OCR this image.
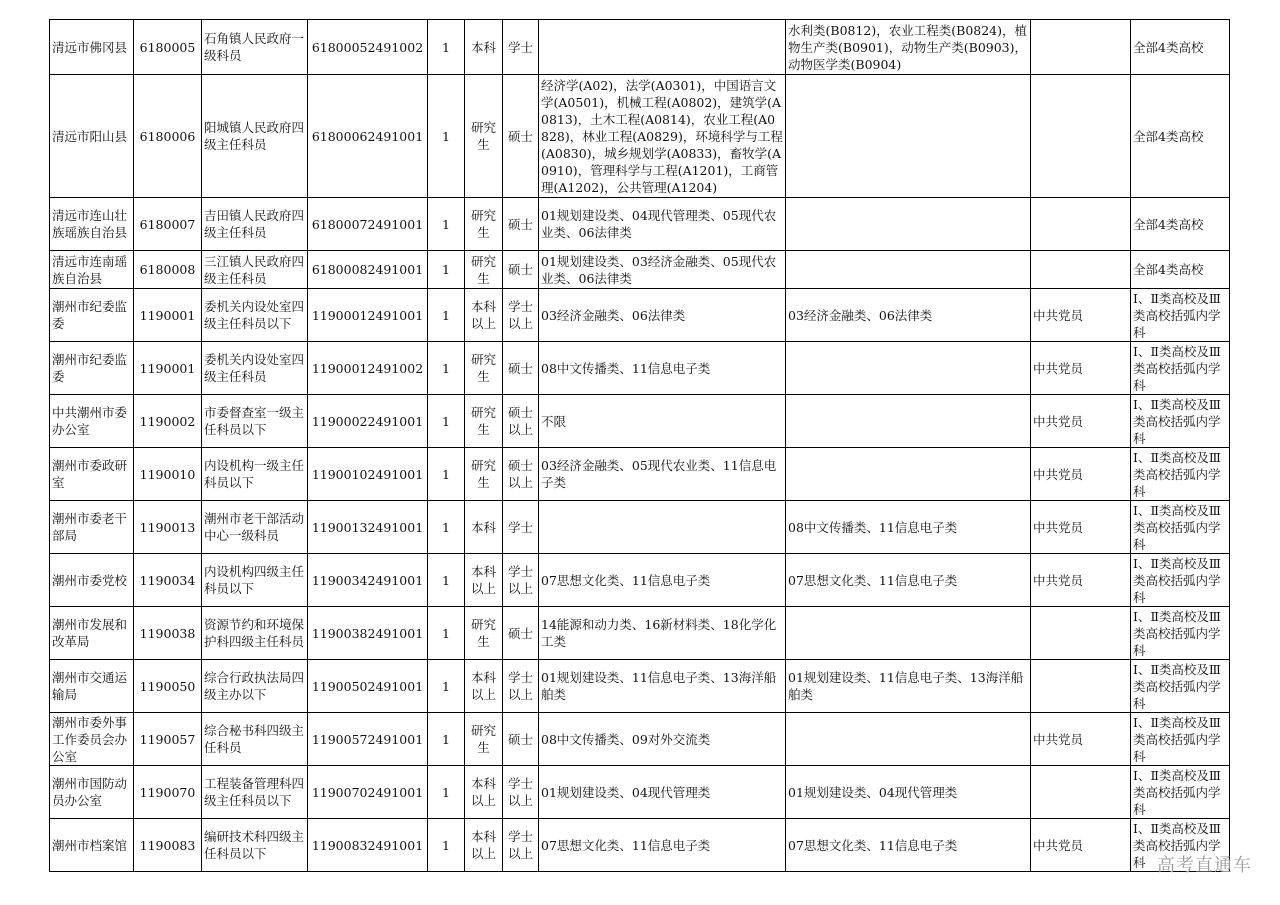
清远市佛冈县	6180005	石角镇人民政府一级科员	61800052491002	1	本科	学士		水利类(B0812)，农业工程类(B0824)，植物生产类(B0901)，动物生产类(B0903)，动物医学类(B0904)		全部4类高校
清远市阳山县	6180006	阳城镇人民政府四级主任科员	61800062491001	1	研究生	硕士	经济学(A02)，法学(A0301)，中国语言文学(A0501)，机械工程(A0802)，建筑学(A0813)，土木工程(A0814)，农业工程(A0828)，林业工程(A0829)，环境科学与工程(A0830)，城乡规划学(A0833)，畜牧学(A0910)，管理科学与工程(A1201)，工商管理(A1202)，公共管理(A1204)			全部4类高校
清远市连山壮族瑶族自治县	6180007	吉田镇人民政府四级主任科员	61800072491001	1	研究生	硕士	01规划建设类、04现代管理类、05现代农业类、06法律类			全部4类高校
清远市连南瑶族自治县	6180008	三江镇人民政府四级主任科员	61800082491001	1	研究生	硕士	01规划建设类、03经济金融类、05现代农业类、06法律类			全部4类高校
潮州市纪委监委	1190001	委机关内设处室四级主任科员以下	11900012491001	1	本科以上	学士以上	03经济金融类、06法律类	03经济金融类、06法律类	中共党员	Ⅰ、Ⅱ类高校及Ⅲ类高校括弧内学科
潮州市纪委监委	1190001	委机关内设处室四级主任科员	11900012491002	1	研究生	硕士	08中文传播类、11信息电子类		中共党员	Ⅰ、Ⅱ类高校及Ⅲ类高校括弧内学科
中共潮州市委办公室	1190002	市委督查室一级主任科员以下	11900022491001	1	研究生	硕士以上	不限		中共党员	Ⅰ、Ⅱ类高校及Ⅲ类高校括弧内学科
潮州市委政研室	1190010	内设机构一级主任科员以下	11900102491001	1	研究生	硕士以上	03经济金融类、05现代农业类、11信息电子类		中共党员	Ⅰ、Ⅱ类高校及Ⅲ类高校括弧内学科
潮州市委老干部局	1190013	潮州市老干部活动中心一级科员	11900132491001	1	本科	学士		08中文传播类、11信息电子类	中共党员	Ⅰ、Ⅱ类高校及Ⅲ类高校括弧内学科
潮州市委党校	1190034	内设机构四级主任科员以下	11900342491001	1	本科以上	学士以上	07思想文化类、11信息电子类	07思想文化类、11信息电子类	中共党员	Ⅰ、Ⅱ类高校及Ⅲ类高校括弧内学科
潮州市发展和改革局	1190038	资源节约和环境保护科四级主任科员	11900382491001	1	研究生	硕士	14能源和动力类、16新材料类、18化学化工类			Ⅰ、Ⅱ类高校及Ⅲ类高校括弧内学科
潮州市交通运输局	1190050	综合行政执法局四级主办以下	11900502491001	1	本科以上	学士以上	01规划建设类、11信息电子类、13海洋船舶类	01规划建设类、11信息电子类、13海洋船舶类		Ⅰ、Ⅱ类高校及Ⅲ类高校括弧内学科
潮州市委外事工作委员会办公室	1190057	综合秘书科四级主任科员	11900572491001	1	研究生	硕士	08中文传播类、09对外交流类		中共党员	Ⅰ、Ⅱ类高校及Ⅲ类高校括弧内学科
潮州市国防动员办公室	1190070	工程装备管理科四级主任科员以下	11900702491001	1	本科以上	学士以上	01规划建设类、04现代管理类	01规划建设类、04现代管理类		Ⅰ、Ⅱ类高校及Ⅲ类高校括弧内学科
潮州市档案馆	1190083	编研技术科四级主任科员以下	11900832491001	1	本科以上	学士以上	07思想文化类、11信息电子类	07思想文化类、11信息电子类	中共党员	Ⅰ、Ⅱ类高校及Ⅲ类高校括弧内学科 高考直通车
